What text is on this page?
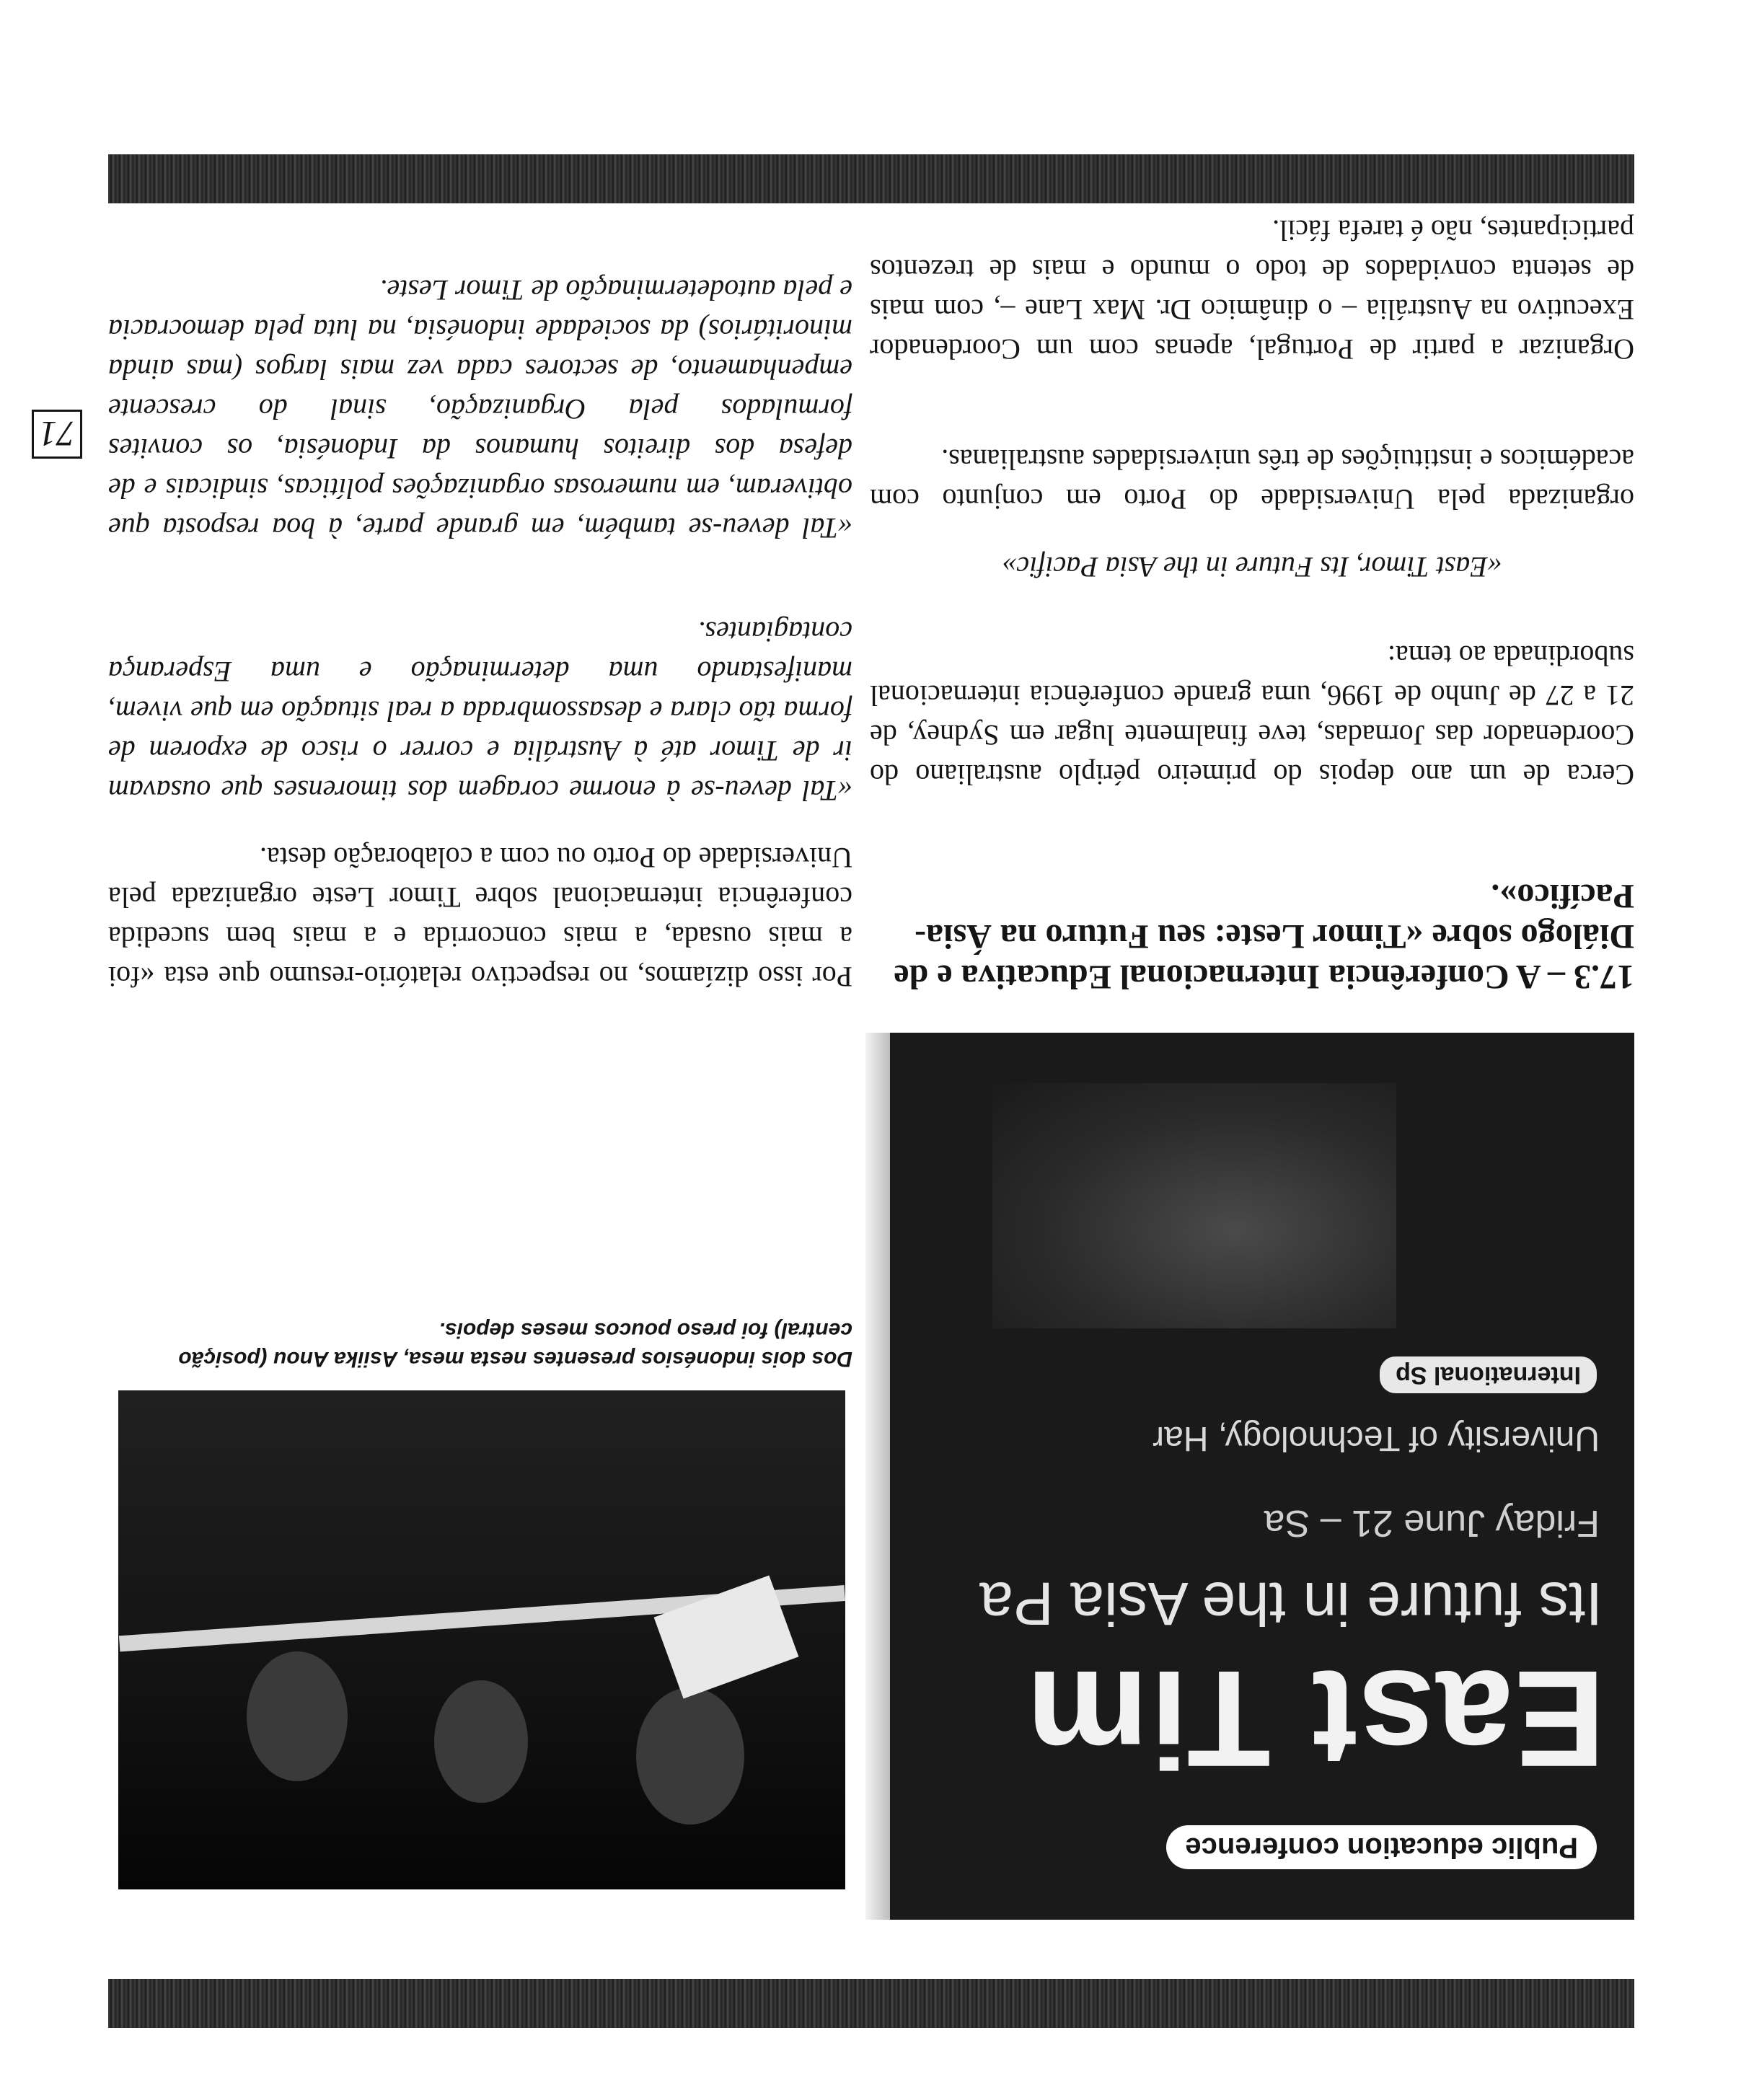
Public education conference
East Tim
Its future in the Asia Pa
Friday June 21 – Sa
University of Technology, Har
International Sp
17.3 – A Conferência Internacional Educativa e de Diálogo sobre «Timor Leste: seu Futuro na Ásia-Pacífico».

Cerca de um ano depois do primeiro périplo australiano do Coordenador das Jornadas, teve finalmente lugar em Sydney, de 21 a 27 de Junho de 1996, uma grande conferência internacional subordinada ao tema:

«East Timor, Its Future in the Asia Pacific»

organizada pela Universidade do Porto em conjunto com académicos e instituições de três universidades australianas.

Organizar a partir de Portugal, apenas com um Coordenador Executivo na Austrália – o dinâmico Dr. Max Lane –, com mais de setenta convidados de todo o mundo e mais de trezentos participantes, não é tarefa fácil.

Dos dois indonésios presentes nesta mesa, Asiika Anou (posição central) foi preso poucos meses depois.

Por isso dizíamos, no respectivo relatório-resumo que esta «foi a mais ousada, a mais concorrida e a mais bem sucedida conferência internacional sobre Timor Leste organizada pela Universidade do Porto ou com a colaboração desta.

«Tal deveu-se à enorme coragem dos timorenses que ousavam ir de Timor até à Austrália e correr o risco de exporem de forma tão clara e desassombrada a real situação em que vivem, manifestando uma determinação e uma Esperança contagiantes.

«Tal deveu-se também, em grande parte, à boa resposta que obtiveram, em numerosas organizações políticas, sindicais e de defesa dos direitos humanos da Indonésia, os convites formulados pela Organização, sinal do crescente empenhamento, de sectores cada vez mais largos (mas ainda minoritários) da sociedade indonésia, na luta pela democracia e pela autodeterminação de Timor Leste.

71
